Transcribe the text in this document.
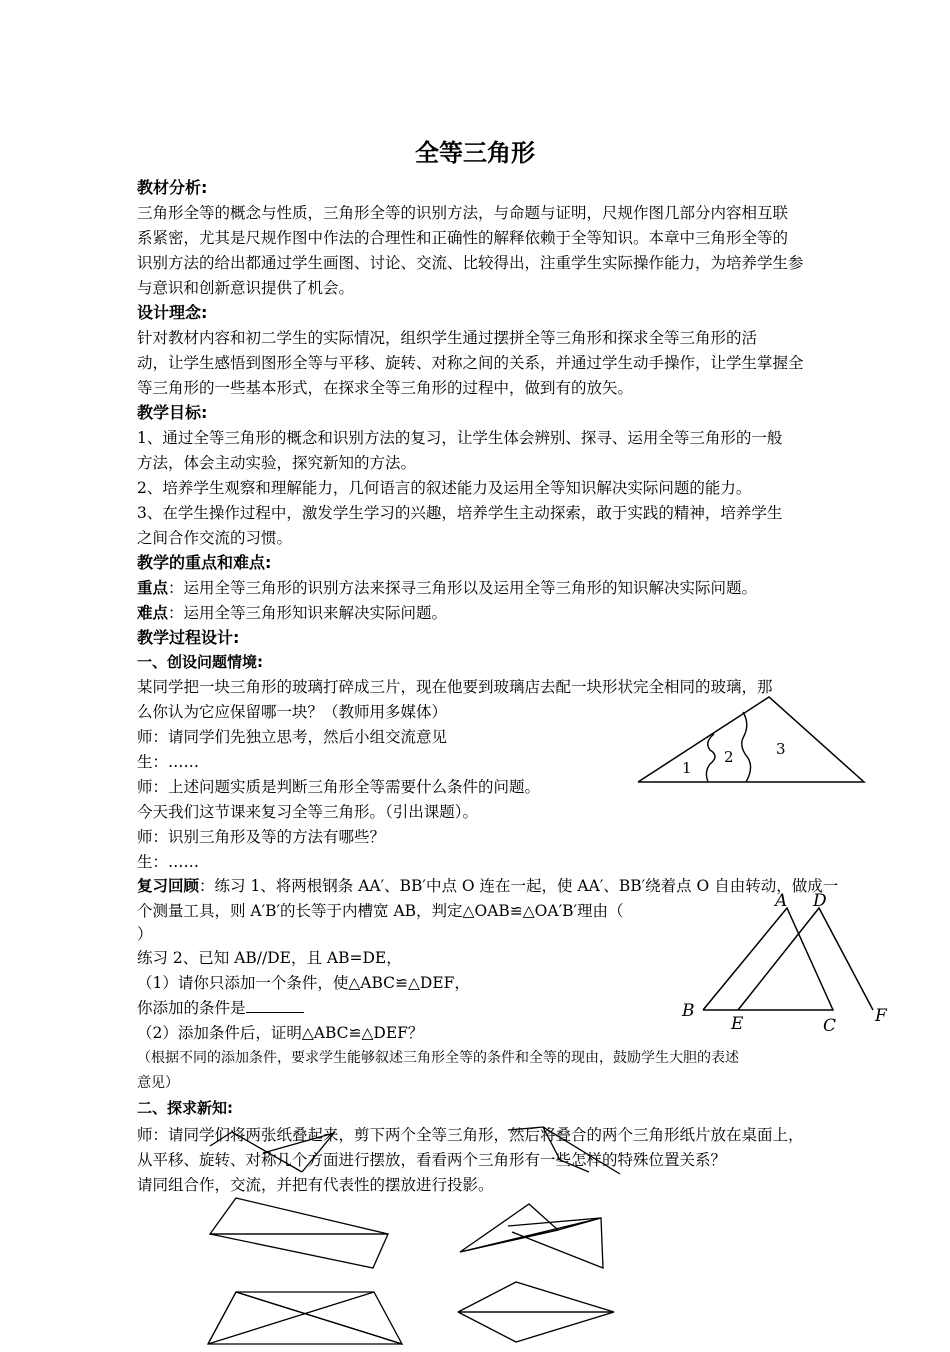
全等三角形
教材分析:
三角形全等的概念与性质，三角形全等的识别方法，与命题与证明，尺规作图几部分内容相互联
系紧密，尤其是尺规作图中作法的合理性和正确性的解释依赖于全等知识。本章中三角形全等的
识别方法的给出都通过学生画图、讨论、交流、比较得出，注重学生实际操作能力，为培养学生参
与意识和创新意识提供了机会。
设计理念:
针对教材内容和初二学生的实际情况，组织学生通过摆拼全等三角形和探求全等三角形的活
动，让学生感悟到图形全等与平移、旋转、对称之间的关系，并通过学生动手操作，让学生掌握全
等三角形的一些基本形式，在探求全等三角形的过程中，做到有的放矢。
教学目标:
1、通过全等三角形的概念和识别方法的复习，让学生体会辨别、探寻、运用全等三角形的一般
方法，体会主动实验，探究新知的方法。
2、培养学生观察和理解能力，几何语言的叙述能力及运用全等知识解决实际问题的能力。
3、在学生操作过程中，激发学生学习的兴趣，培养学生主动探索，敢于实践的精神，培养学生
之间合作交流的习惯。
教学的重点和难点:
重点：运用全等三角形的识别方法来探寻三角形以及运用全等三角形的知识解决实际问题。
难点：运用全等三角形知识来解决实际问题。
教学过程设计:
一、创设问题情境:
某同学把一块三角形的玻璃打碎成三片，现在他要到玻璃店去配一块形状完全相同的玻璃，那
么你认为它应保留哪一块？（教师用多媒体）
师：请同学们先独立思考，然后小组交流意见
生：……
师：上述问题实质是判断三角形全等需要什么条件的问题。
今天我们这节课来复习全等三角形。（引出课题）。
师：识别三角形及等的方法有哪些？
生：……
复习回顾：练习 1、将两根钢条 AA′、BB′中点 O 连在一起，使 AA′、BB′绕着点 O 自由转动，做成一
个测量工具，则 A′B′的长等于内槽宽 AB，判定△OAB≌△OA′B′理由（
）
练习 2、已知 AB//DE，且 AB=DE，
（1）请你只添加一个条件，使△ABC≌△DEF，
你添加的条件是
（2）添加条件后，证明△ABC≌△DEF？
（根据不同的添加条件，要求学生能够叙述三角形全等的条件和全等的现由，鼓励学生大胆的表述
意见）
二、探求新知:
师：请同学们将两张纸叠起来，剪下两个全等三角形，然后将叠合的两个三角形纸片放在桌面上，
从平移、旋转、对称几个方面进行摆放，看看两个三角形有一些怎样的特殊位置关系？
请同组合作，交流，并把有代表性的摆放进行投影。
1
2	3
A D
B
E	C F
